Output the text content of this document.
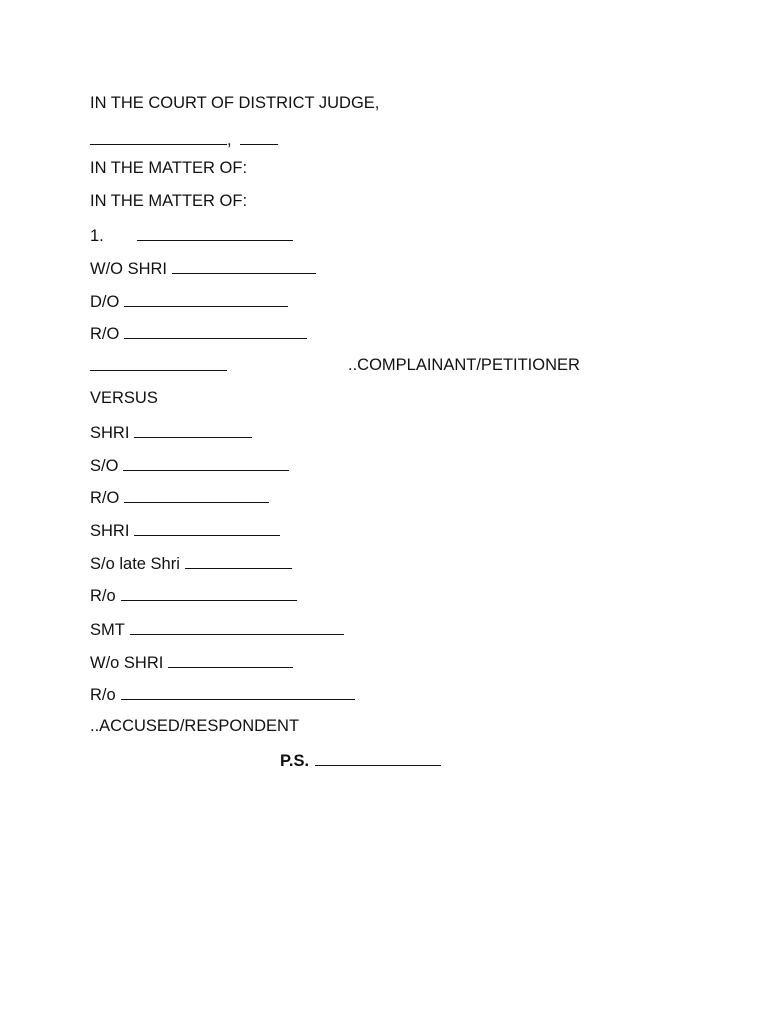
IN THE COURT OF DISTRICT JUDGE,
,
IN THE MATTER OF:
IN THE MATTER OF:
1.
W/O SHRI
D/O
R/O
..COMPLAINANT/PETITIONER
VERSUS
SHRI
S/O
R/O
SHRI
S/o late Shri
R/o
SMT
W/o SHRI
R/o
..ACCUSED/RESPONDENT
P.S.
